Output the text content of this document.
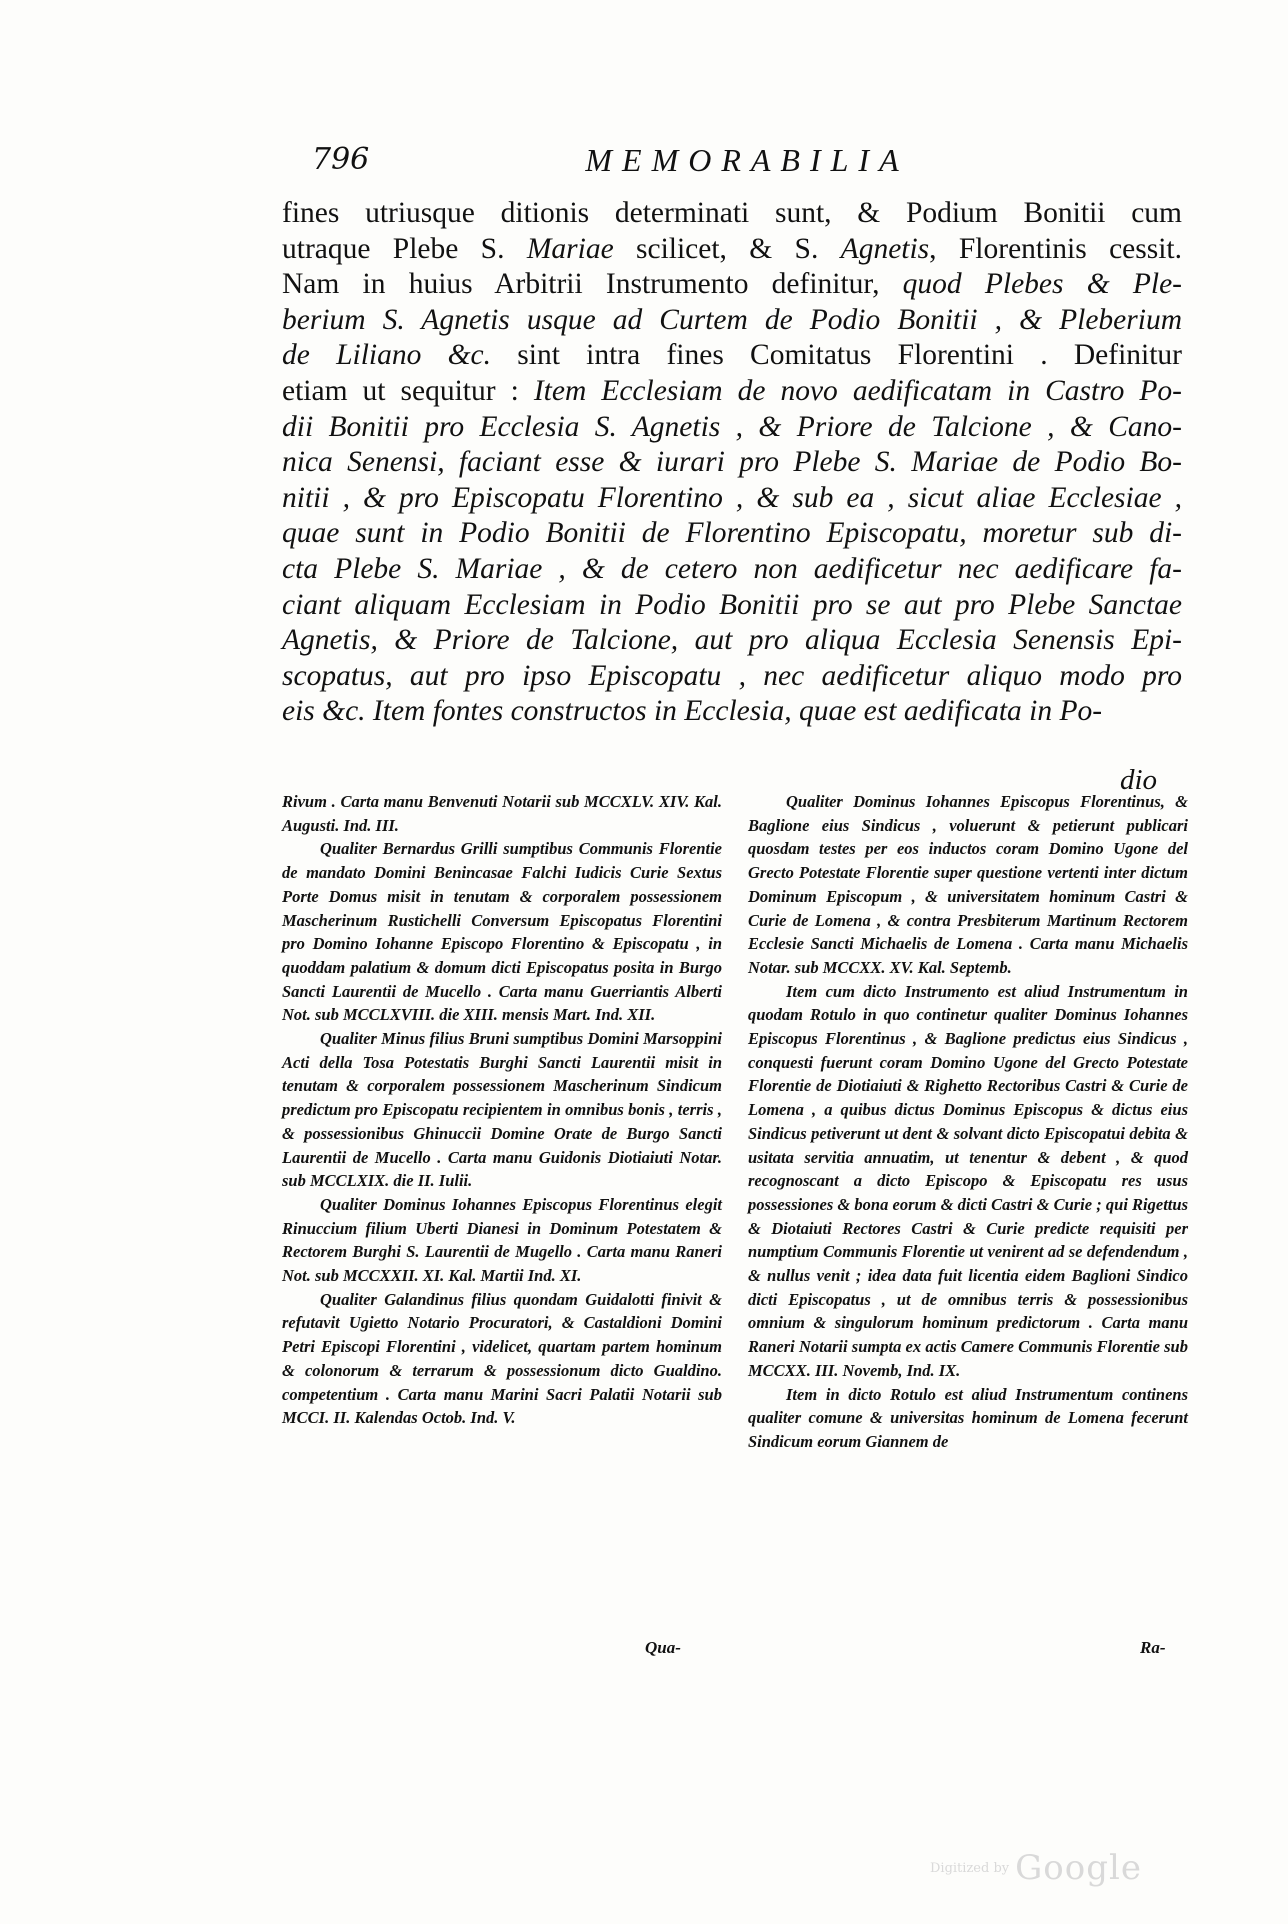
796	MEMORABILIA
fines utriusque ditionis determinati sunt, & Podium Bonitii cum
utraque Plebe S. Mariae scilicet, & S. Agnetis, Florentinis cessit.
Nam in huius Arbitrii Instrumento definitur, quod Plebes & Ple-
berium S. Agnetis usque ad Curtem de Podio Bonitii , & Pleberium
de Liliano &c. sint intra fines Comitatus Florentini . Definitur
etiam ut sequitur : Item Ecclesiam de novo aedificatam in Castro Po-
dii Bonitii pro Ecclesia S. Agnetis , & Priore de Talcione , & Cano-
nica Senensi, faciant esse & iurari pro Plebe S. Mariae de Podio Bo-
nitii , & pro Episcopatu Florentino , & sub ea , sicut aliae Ecclesiae ,
quae sunt in Podio Bonitii de Florentino Episcopatu, moretur sub di-
cta Plebe S. Mariae , & de cetero non aedificetur nec aedificare fa-
ciant aliquam Ecclesiam in Podio Bonitii pro se aut pro Plebe Sanctae
Agnetis, & Priore de Talcione, aut pro aliqua Ecclesia Senensis Epi-
scopatus, aut pro ipso Episcopatu , nec aedificetur aliquo modo pro
eis &c. Item fontes constructos in Ecclesia, quae est aedificata in Po-
dio

Rivum . Carta manu Benvenuti Notarii sub MCCXLV. XIV. Kal. Augusti. Ind. III.

Qualiter Bernardus Grilli sumptibus Communis Florentie de mandato Domini Beninc​asae Falchi Iudicis Curie Sextus Porte Domus misit in tenutam & corporalem possessionem Mascherinum Rustichelli Conversum Episcopatus Florentini pro Domino Iohanne Episcopo Florentino & Episcopatu , in quoddam palatium & domum dicti Episcopatus posita in Burgo Sancti Laurentii de Mucello . Carta manu Guerriantis Alberti Not. sub MCCLXVIII. die XIII. mensis Mart. Ind. XII.

Qualiter Minus filius Bruni sumptibus Domini Marsoppini Acti della Tosa Potestatis Burghi Sancti Laurentii misit in tenutam & corporalem possessionem Mascherinum Sindicum predictum pro Episcopatu recipientem in omnibus bonis , terris , & possessionibus Ghinuccii Domine Orate de Burgo Sancti Laurentii de Mucello . Carta manu Guidonis Diotiaiuti Notar. sub MCCLXIX. die II. Iulii.

Qualiter Dominus Iohannes Episcopus Florentinus elegit Rinuccium filium Uberti Dianesi in Dominum Potestatem & Rectorem Burghi S. Laurentii de Mugello . Carta manu Raneri Not. sub MCCXXII. XI. Kal. Martii Ind. XI.

Qualiter Galandinus filius quondam Guidalotti finivit & refutavit Ugietto Notario Procuratori, & Castaldioni Domini Petri Episcopi Florentini , videlicet, quartam partem hominum & colonorum & terrarum & possessionum dicto Gualdino. competentium . Carta manu Marini Sacri Palatii Notarii sub MCCI. II. Kalendas Octob. Ind. V.

Qualiter Dominus Iohannes Episcopus Florentinus, & Baglione eius Sindicus , voluerunt & petierunt publicari quosdam testes per eos inductos coram Domino Ugone del Grecto Potestate Florentie super questione vertenti inter dictum Dominum Episcopum , & universitatem hominum Castri & Curie de Lomena , & contra Presbiterum Martinum Rectorem Ecclesie Sancti Michaelis de Lomena . Carta manu Michaelis Notar. sub MCCXX. XV. Kal. Septemb.

Item cum dicto Instrumento est aliud Instrumentum in quodam Rotulo in quo continetur qualiter Dominus Iohannes Episcopus Florentinus , & Baglione predictus eius Sindicus , conquesti fuerunt coram Domino Ugone del Grecto Potestate Florentie de Diotiaiuti & Righetto Rectoribus Castri & Curie de Lomena , a quibus dictus Dominus Episcopus & dictus eius Sindicus petiverunt ut dent & solvant dicto Episcopatui debita & usitata servitia annuatim, ut tenentur & debent , & quod recognoscant a dicto Episcopo & Episcopatu res usus possessiones & bona eorum & dicti Castri & Curie ; qui Rigettus & Diotaiuti Rectores Castri & Curie predicte requisiti per numptium Communis Florentie ut venirent ad se defendendum , & nullus venit ; idea data fuit licentia eidem Baglioni Sindico dicti Episcopatus , ut de omnibus terris & possessionibus omnium & singulorum hominum predictorum . Carta manu Raneri Notarii sumpta ex actis Camere Communis Florentie sub MCCXX. III. Novemb, Ind. IX.

Item in dicto Rotulo est aliud Instrumentum continens qualiter comune & universitas hominum de Lomena fecerunt Sindicum eorum Giannem de

Qua-	Ra-
Digitized by Google
